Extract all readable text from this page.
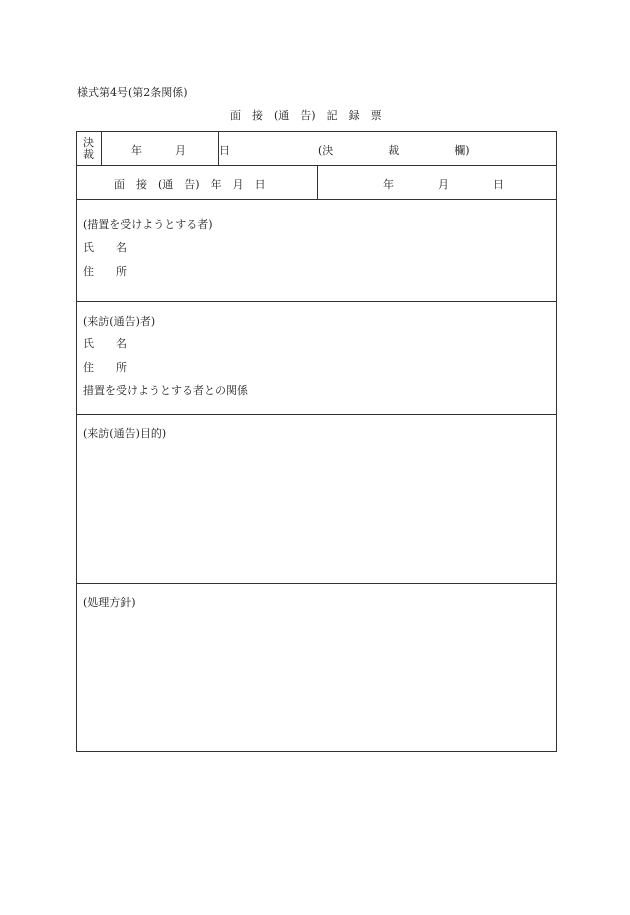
様式第4号(第2条関係)
面　接　(通　告)　記　録　票
決
裁	年　　　月　　　日	(決　　　　　裁　　　　　欄)
面　接　(通　告)　年　月　日	年　　　　月　　　　日
(措置を受けようとする者)
氏　　名
住　　所
(来訪(通告)者)
氏　　名
住　　所
措置を受けようとする者との関係
(来訪(通告)目的)
(処理方針)
